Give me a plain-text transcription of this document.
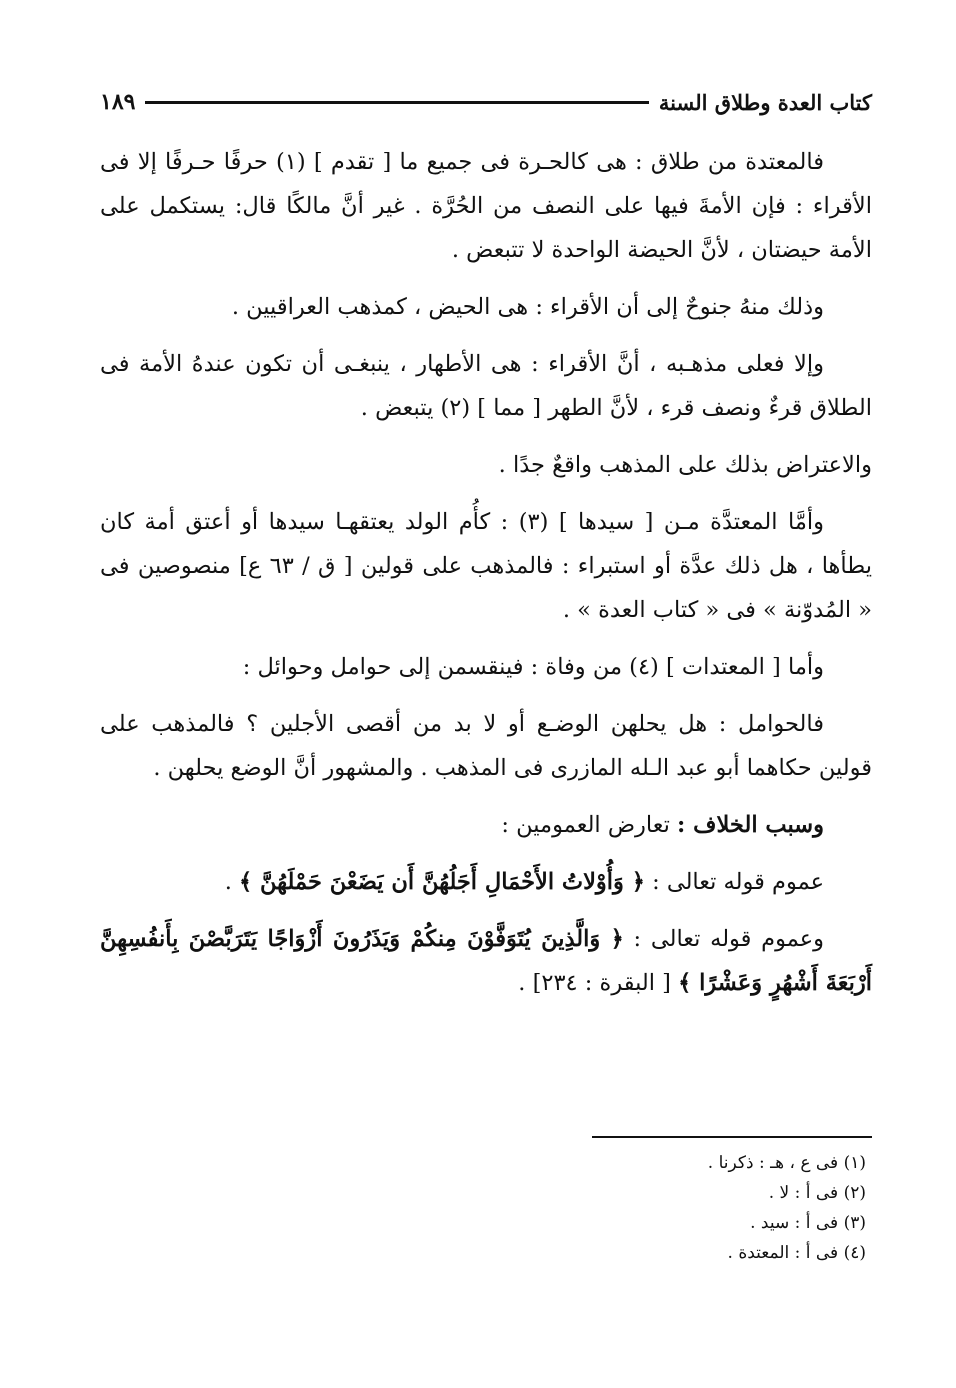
كتاب العدة وطلاق السنة
١٨٩

فالمعتدة من طلاق : هى كالحـرة فى جميع ما [ تقدم ] (١) حرفًا حـرفًا إلا فى الأقراء : فإن الأمةَ فيها على النصف من الحُرَّة . غير أنَّ مالكًا قال: يستكمل على الأمة حيضتان ، لأنَّ الحيضة الواحدة لا تتبعض .

وذلك منهُ جنوحٌ إلى أن الأقراء : هى الحيض ، كمذهب العراقيين .

وإلا فعلى مذهـبه ، أنَّ الأقراء : هى الأطهار ، ينبغـى أن تكون عندهُ الأمة فى الطلاق قرءٌ ونصف قرء ، لأنَّ الطهر [ مما ] (٢) يتبعض .

والاعتراض بذلك على المذهب واقعٌ جدًا .

وأمَّا المعتدَّة مـن [ سيدها ] (٣) : كأُم الولد يعتقهـا سيدها أو أعتق أمة كان يطأها ، هل ذلك عدَّة أو استبراء : فالمذهب على قولين [ ق / ٦٣ ع] منصوصين فى « المُدوّنة » فى « كتاب العدة » .

وأما [ المعتدات ] (٤) من وفاة : فينقسمن إلى حوامل وحوائل :

فالحوامل : هل يحلهن الوضـع أو لا بد من أقصى الأجلين ؟ فالمذهب على قولين حكاهما أبو عبد الـله المازرى فى المذهب . والمشهور أنَّ الوضع يحلهن .

وسبب الخلاف : تعارض العمومين :

عموم قوله تعالى : ﴿ وَأُوْلاتُ الأَحْمَالِ أَجَلُهُنَّ أَن يَضَعْنَ حَمْلَهُنَّ ﴾ .

وعموم قوله تعالى : ﴿ وَالَّذِينَ يُتَوَفَّوْنَ مِنكُمْ وَيَذَرُونَ أَزْوَاجًا يَتَرَبَّصْنَ بِأَنفُسِهِنَّ أَرْبَعَةَ أَشْهُرٍ وَعَشْرًا ﴾ [ البقرة : ٢٣٤] .

(١) فى ع ، هـ : ذكرنا .
(٢) فى أ : لا .
(٣) فى أ : سيد .
(٤) فى أ : المعتدة .
